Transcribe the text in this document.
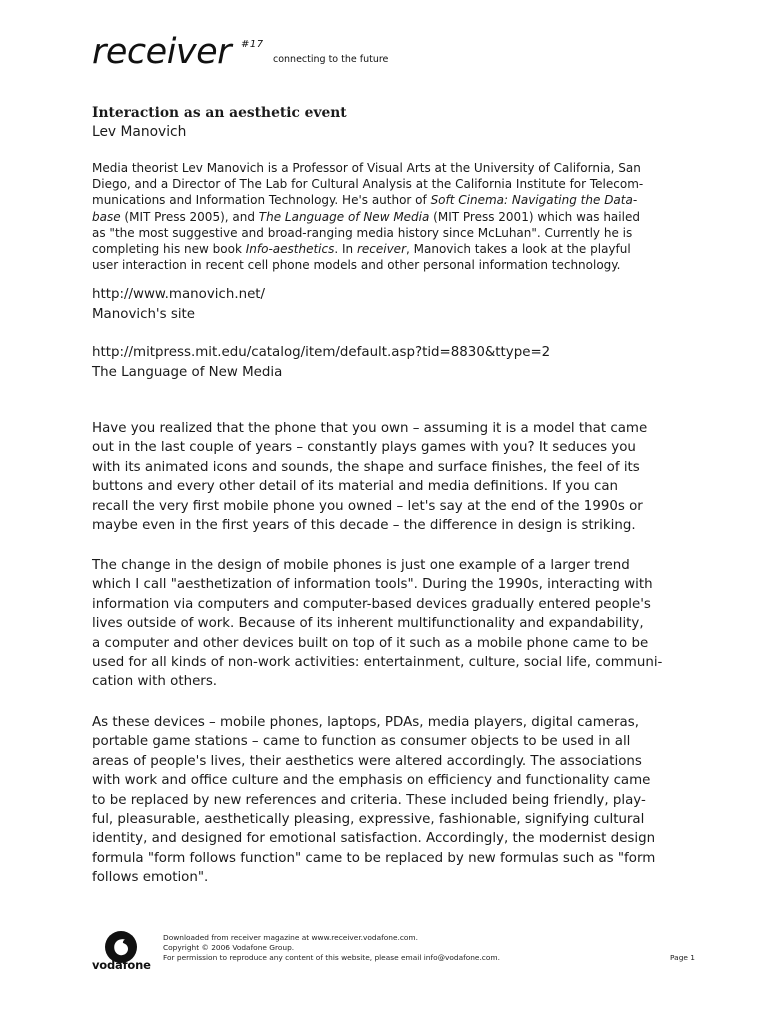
receiver #17
connecting to the future
Interaction as an aesthetic event
Lev Manovich
Media theorist Lev Manovich is a Professor of Visual Arts at the University of California, San
Diego, and a Director of The Lab for Cultural Analysis at the California Institute for Telecom-
munications and Information Technology. He's author of Soft Cinema: Navigating the Data-
base (MIT Press 2005), and The Language of New Media (MIT Press 2001) which was hailed
as "the most suggestive and broad-ranging media history since McLuhan". Currently he is
completing his new book Info-aesthetics. In receiver, Manovich takes a look at the playful
user interaction in recent cell phone models and other personal information technology.
http://www.manovich.net/
Manovich's site
http://mitpress.mit.edu/catalog/item/default.asp?tid=8830&ttype=2
The Language of New Media
Have you realized that the phone that you own – assuming it is a model that came
out in the last couple of years – constantly plays games with you? It seduces you
with its animated icons and sounds, the shape and surface finishes, the feel of its
buttons and every other detail of its material and media definitions. If you can
recall the very first mobile phone you owned – let's say at the end of the 1990s or
maybe even in the first years of this decade – the difference in design is striking.
The change in the design of mobile phones is just one example of a larger trend
which I call "aesthetization of information tools". During the 1990s, interacting with
information via computers and computer-based devices gradually entered people's
lives outside of work. Because of its inherent multifunctionality and expandability,
a computer and other devices built on top of it such as a mobile phone came to be
used for all kinds of non-work activities: entertainment, culture, social life, communi-
cation with others.
As these devices – mobile phones, laptops, PDAs, media players, digital cameras,
portable game stations – came to function as consumer objects to be used in all
areas of people's lives, their aesthetics were altered accordingly. The associations
with work and office culture and the emphasis on efficiency and functionality came
to be replaced by new references and criteria. These included being friendly, play-
ful, pleasurable, aesthetically pleasing, expressive, fashionable, signifying cultural
identity, and designed for emotional satisfaction. Accordingly, the modernist design
formula "form follows function" came to be replaced by new formulas such as "form
follows emotion".
vodafone
Downloaded from receiver magazine at www.receiver.vodafone.com.
Copyright © 2006 Vodafone Group.
For permission to reproduce any content of this website, please email info@vodafone.com.	Page 1
